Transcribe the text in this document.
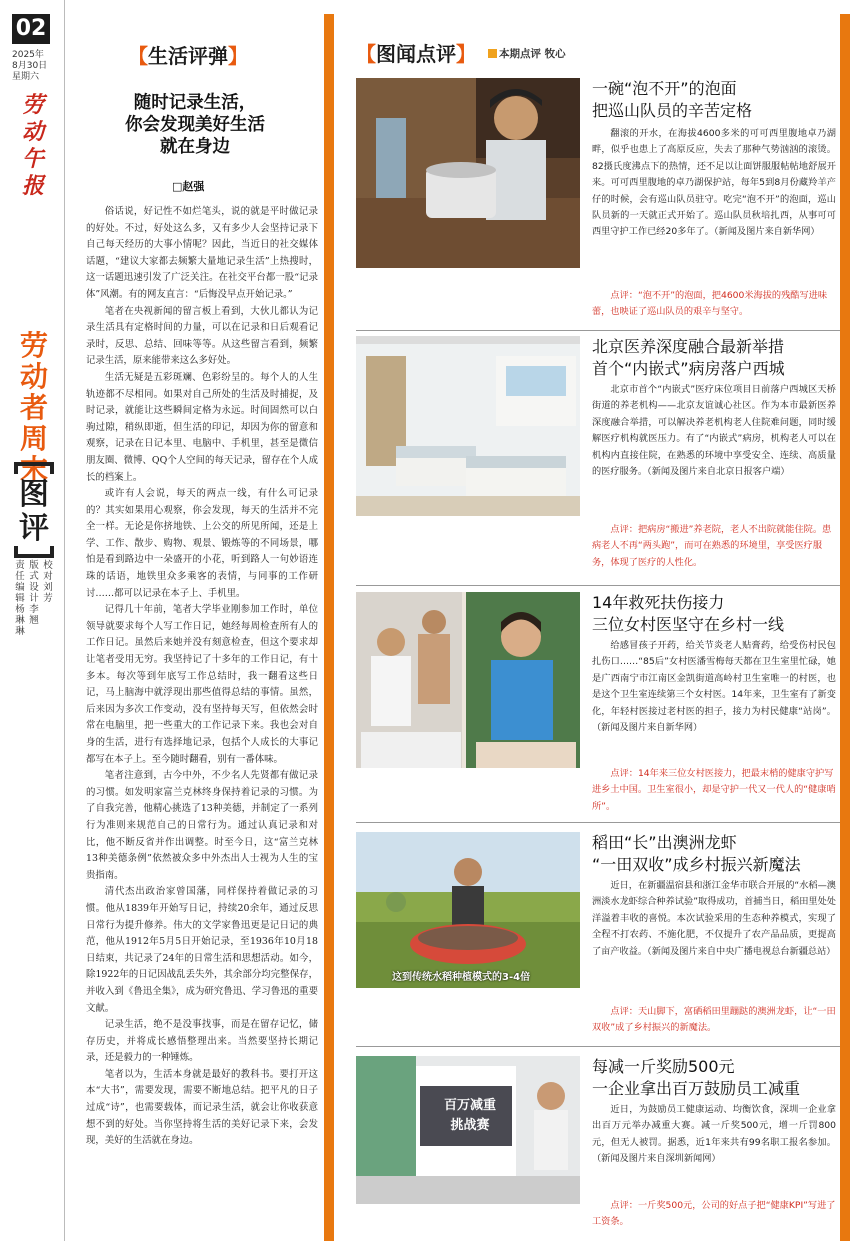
02
2025年
8月30日
星期六
劳动午报
劳动者周末
图评
责任编辑 杨琳琳
版式设计 李翘
校 对 刘芳
【生活评弹】
随时记录生活，
你会发现美好生活
就在身边
□赵强

俗话说，好记性不如烂笔头，说的就是平时做记录的好处。不过，好处这么多，又有多少人会坚持记录下自己每天经历的大事小情呢？因此，当近日的社交媒体话题，“建议大家都去频繁大量地记录生活”上热搜时，这一话题迅速引发了广泛关注。在社交平台都一股“记录体”风潮。有的网友直言：“后悔没早点开始记录。”

笔者在央视新闻的留言板上看到，大伙儿都认为记录生活具有定格时间的力量，可以在记录和日后观看记录时，反思、总结、回味等等。从这些留言看到，频繁记录生活，原来能带来这么多好处。

生活无疑是五彩斑斓、色彩纷呈的。每个人的人生轨迹都不尽相同。如果对自己所处的生活及时捕捉，及时记录，就能让这些瞬间定格为永远。时间固然可以白驹过隙，稍纵即逝，但生活的印记，却因为你的留意和观察，记录在日记本里、电脑中、手机里，甚至是微信朋友圈、微博、QQ个人空间的每天记录，留存在个人成长的档案上。

或许有人会说，每天的两点一线，有什么可记录的？其实如果用心观察，你会发现，每天的生活并不完全一样。无论是你挤地铁、上公交的所见所闻，还是上学、工作、散步、购物、观景、锻炼等的不同场景，哪怕是看到路边中一朵盛开的小花，听到路人一句妙语连珠的话语，地铁里众多乘客的表情，与同事的工作研讨……都可以记录在本子上、手机里。

记得几十年前，笔者大学毕业刚参加工作时，单位领导就要求每个人写工作日记，她经每周检查所有人的工作日记。虽然后来她并没有刻意检查，但这个要求却让笔者受用无穷。我坚持记了十多年的工作日记，有十多本。每次等到年底写工作总结时，我一翻看这些日记，马上脑海中就浮现出那些值得总结的事情。虽然，后来因为多次工作变动，没有坚持每天写，但依然会时常在电脑里，把一些重大的工作记录下来。我也会对自身的生活，进行有选择地记录，包括个人成长的大事记都写在本子上。至今随时翻看，别有一番体味。

笔者注意到，古今中外，不少名人先贤都有做记录的习惯。如发明家富兰克林终身保持着记录的习惯。为了自我完善，他精心挑选了13种美德，并制定了一系列行为准则来规范自己的日常行为。通过认真记录和对比，他不断反省并作出调整。时至今日，这“富兰克林13种美德条例”依然被众多中外杰出人士视为人生的宝贵指南。

清代杰出政治家曾国藩，同样保持着做记录的习惯。他从1839年开始写日记，持续20余年，通过反思日常行为提升修养。伟大的文学家鲁迅更是记日记的典范，他从1912年5月5日开始记录，至1936年10月18日结束，共记录了24年的日常生活和思想活动。如今，除1922年的日记因战乱丢失外，其余部分均完整保存，并收入到《鲁迅全集》，成为研究鲁迅、学习鲁迅的重要文献。

记录生活，绝不是没事找事，而是在留存记忆，储存历史，并将成长感悟整理出来。当然要坚持长期记录，还是毅力的一种锤炼。

笔者以为，生活本身就是最好的教科书。要打开这本“大书”，需要发现，需要不断地总结。把平凡的日子过成“诗”，也需要载体，而记录生活，就会让你收获意想不到的好处。当你坚持将生活的美好记录下来，会发现，美好的生活就在身边。

【图闻点评】 本期点评 牧心
一碗“泡不开”的泡面
把巡山队员的辛苦定格

翻滚的开水，在海拔4600多米的可可西里腹地卓乃湖畔，似乎也患上了高原反应，失去了那种气势汹汹的滚烫。82摄氏度沸点下的热情，还不足以让面饼服服帖帖地舒展开来。可可西里腹地的卓乃湖保护站，每年5到8月份藏羚羊产仔的时候，会有巡山队员驻守。吃完“泡不开”的泡面，巡山队员新的一天就正式开始了。巡山队员秋培扎西，从事可可西里守护工作已经20多年了。（新闻及图片来自新华网）

点评：“泡不开”的泡面，把4600米海拔的残酷写进味蕾，也映证了巡山队员的艰辛与坚守。

北京医养深度融合最新举措
首个“内嵌式”病房落户西城

北京市首个“内嵌式”医疗床位项目日前落户西城区天桥街道的养老机构——北京友谊诚心社区。作为本市最新医养深度融合举措，可以解决养老机构老人住院难问题，同时缓解医疗机构就医压力。有了“内嵌式”病房，机构老人可以在机构内直接住院，在熟悉的环境中享受安全、连续、高质量的医疗服务。（新闻及图片来自北京日报客户端）

点评：把病房“搬进”养老院，老人不出院就能住院。患病老人不再“两头跑”，而可在熟悉的环境里，享受医疗服务，体现了医疗的人性化。

14年救死扶伤接力
三位女村医坚守在乡村一线

给感冒孩子开药，给关节炎老人贴膏药，给受伤村民包扎伤口……“85后”女村医潘雪梅每天都在卫生室里忙碌，她是广西南宁市江南区金凯街道高岭村卫生室唯一的村医，也是这个卫生室连续第三个女村医。14年来，卫生室有了新变化，年轻村医接过老村医的担子，接力为村民健康“站岗”。（新闻及图片来自新华网）

点评：14年来三位女村医接力，把最末梢的健康守护写进乡土中国。卫生室很小，却是守护一代又一代人的“健康哨所”。

这到传统水稻种植模式的3-4倍
稻田“长”出澳洲龙虾
“一田双收”成乡村振兴新魔法

近日，在新疆温宿县和浙江金华市联合开展的“水稻—澳洲淡水龙虾综合种养试验”取得成功，首捕当日，稻田里处处洋溢着丰收的喜悦。本次试验采用的生态种养模式，实现了全程不打农药、不施化肥，不仅提升了农产品品质，更提高了亩产收益。（新闻及图片来自中央广播电视总台新疆总站）

点评：天山脚下，富硒稻田里蹦跶的澳洲龙虾，让“一田双收”成了乡村振兴的新魔法。

百万减重
挑战赛
每减一斤奖励500元
一企业拿出百万鼓励员工减重

近日，为鼓励员工健康运动、均衡饮食，深圳一企业拿出百万元举办减重大赛。减一斤奖500元，增一斤罚800元，但无人被罚。据悉，近1年来共有99名职工报名参加。（新闻及图片来自深圳新闻网）

点评：一斤奖500元，公司的好点子把“健康KPI”写进了工资条。
